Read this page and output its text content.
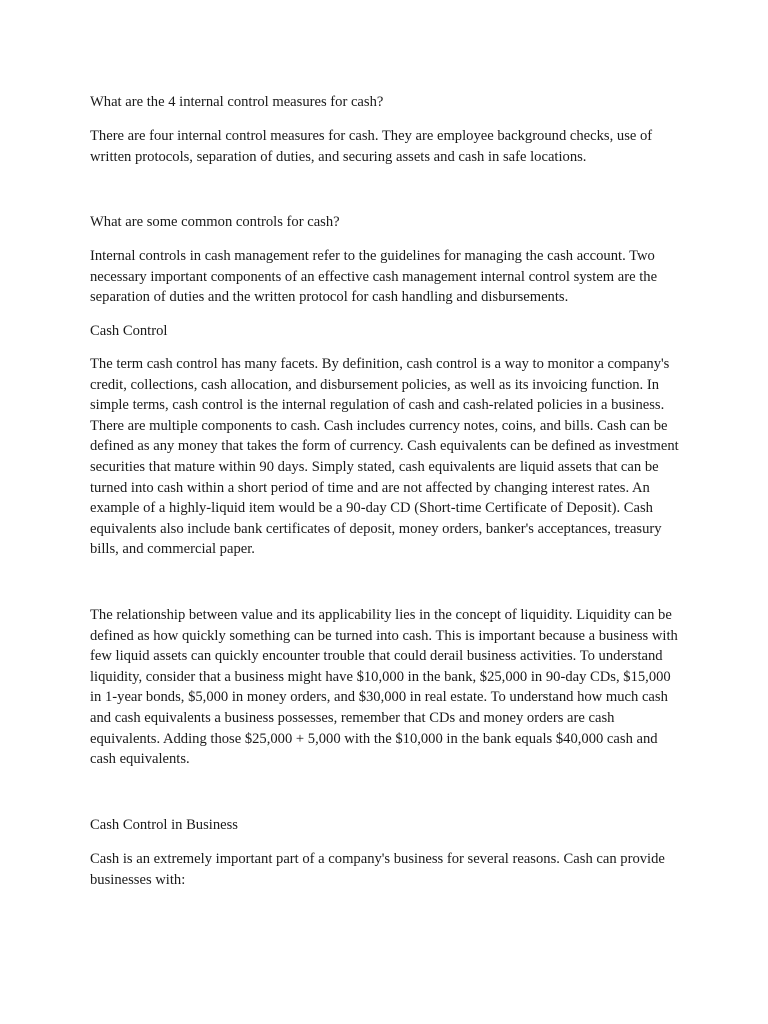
What are the 4 internal control measures for cash?

There are four internal control measures for cash. They are employee background checks, use of written protocols, separation of duties, and securing assets and cash in safe locations.

What are some common controls for cash?

Internal controls in cash management refer to the guidelines for managing the cash account. Two necessary important components of an effective cash management internal control system are the separation of duties and the written protocol for cash handling and disbursements.

Cash Control

The term cash control has many facets. By definition, cash control is a way to monitor a company's credit, collections, cash allocation, and disbursement policies, as well as its invoicing function. In simple terms, cash control is the internal regulation of cash and cash-related policies in a business. There are multiple components to cash. Cash includes currency notes, coins, and bills. Cash can be defined as any money that takes the form of currency. Cash equivalents can be defined as investment securities that mature within 90 days. Simply stated, cash equivalents are liquid assets that can be turned into cash within a short period of time and are not affected by changing interest rates. An example of a highly-liquid item would be a 90-day CD (Short-time Certificate of Deposit). Cash equivalents also include bank certificates of deposit, money orders, banker's acceptances, treasury bills, and commercial paper.

The relationship between value and its applicability lies in the concept of liquidity. Liquidity can be defined as how quickly something can be turned into cash. This is important because a business with few liquid assets can quickly encounter trouble that could derail business activities. To understand liquidity, consider that a business might have $10,000 in the bank, $25,000 in 90-day CDs, $15,000 in 1-year bonds, $5,000 in money orders, and $30,000 in real estate. To understand how much cash and cash equivalents a business possesses, remember that CDs and money orders are cash equivalents. Adding those $25,000 + 5,000 with the $10,000 in the bank equals $40,000 cash and cash equivalents.

Cash Control in Business

Cash is an extremely important part of a company's business for several reasons. Cash can provide businesses with:
